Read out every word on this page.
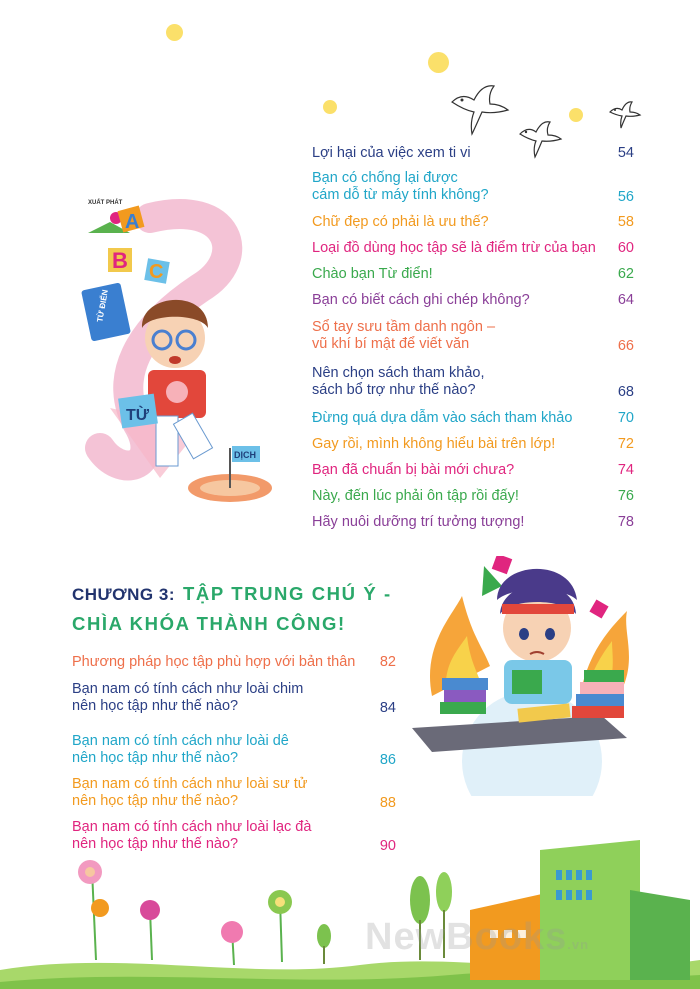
A
B C
TỪ ĐIỂN
TỪ
DỊCH
XUẤT PHÁT
Lợi hại của việc xem ti vi	54
Bạn có chống lại được
cám dỗ từ máy tính không?	56
Chữ đẹp có phải là ưu thế?	58
Loại đồ dùng học tập sẽ là điểm trừ của bạn 60
Chào bạn Từ điển!	62
Bạn có biết cách ghi chép không?	64
Sổ tay sưu tầm danh ngôn –
vũ khí bí mật để viết văn	66
Nên chọn sách tham khảo,
sách bổ trợ như thế nào?	68
Đừng quá dựa dẫm vào sách tham khảo	70
Gay rồi, mình không hiểu bài trên lớp!	72
Bạn đã chuẩn bị bài mới chưa?	74
Này, đến lúc phải ôn tập rồi đấy!	76
Hãy nuôi dưỡng trí tưởng tượng!	78
CHƯƠNG 3: TẬP TRUNG CHÚ Ý -
CHÌA KHÓA THÀNH CÔNG!
Phương pháp học tập phù hợp với bản thân 82
Bạn nam có tính cách như loài chim
nên học tập như thế nào?	84
Bạn nam có tính cách như loài dê
nên học tập như thế nào?	86
Bạn nam có tính cách như loài sư tử
nên học tập như thế nào?	88
Bạn nam có tính cách như loài lạc đà
nên học tập như thế nào?	90
NewBooks.vn
